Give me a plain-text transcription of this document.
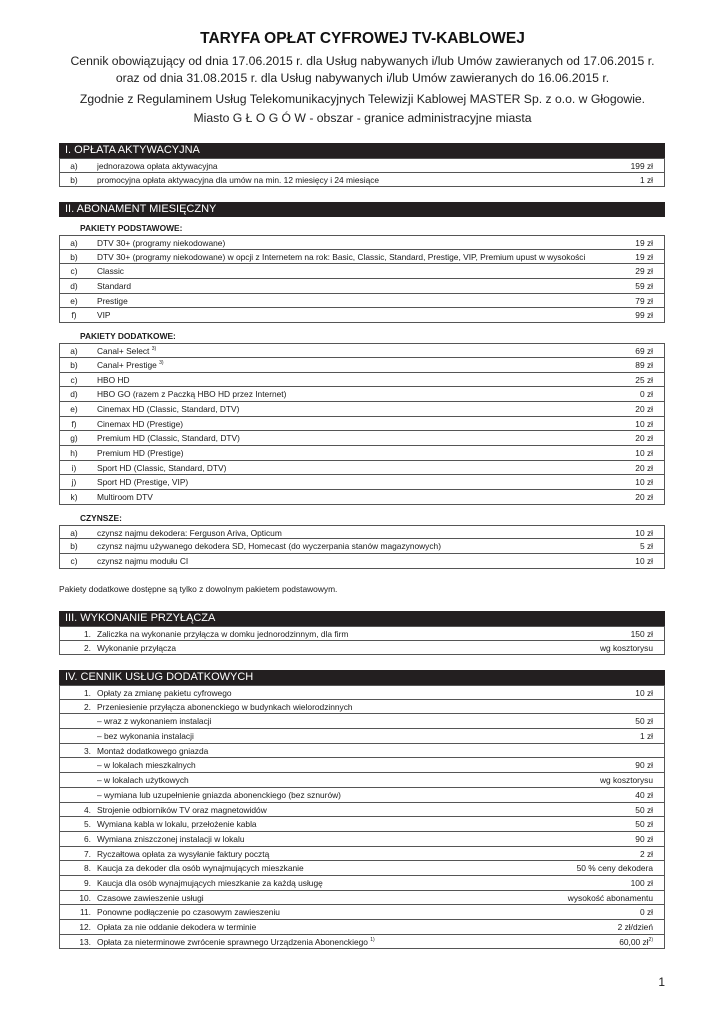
TARYFA OPŁAT CYFROWEJ TV-KABLOWEJ
Cennik obowiązujący od dnia 17.06.2015 r. dla Usług nabywanych i/lub Umów zawieranych od 17.06.2015 r.
oraz od dnia 31.08.2015 r. dla Usług nabywanych i/lub Umów zawieranych do 16.06.2015 r.
Zgodnie z Regulaminem Usług Telekomunikacyjnych Telewizji Kablowej MASTER Sp. z o.o. w Głogowie.
Miasto G Ł O G Ó W - obszar - granice administracyjne miasta
I. OPŁATA AKTYWACYJNA
a)	jednorazowa opłata aktywacyjna	199 zł
b)	promocyjna opłata aktywacyjna dla umów na min. 12 miesięcy i 24 miesiące	1 zł
II. ABONAMENT MIESIĘCZNY
PAKIETY PODSTAWOWE:
a)	DTV 30+ (programy niekodowane)	19 zł
b)	DTV 30+ (programy niekodowane) w opcji z Internetem na rok: Basic, Classic, Standard, Prestige, VIP, Premium upust w wysokości	19 zł
c)	Classic	29 zł
d)	Standard	59 zł
e)	Prestige	79 zł
f)	VIP	99 zł
PAKIETY DODATKOWE:
a)	Canal+ Select $^{3)}$	69 zł
b)	Canal+ Prestige $^{3)}$	89 zł
c)	HBO HD	25 zł
d)	HBO GO (razem z Paczką HBO HD przez Internet)	0 zł
e)	Cinemax HD (Classic, Standard, DTV)	20 zł
f)	Cinemax HD (Prestige)	10 zł
g)	Premium HD (Classic, Standard, DTV)	20 zł
h)	Premium HD (Prestige)	10 zł
i)	Sport HD (Classic, Standard, DTV)	20 zł
j)	Sport HD (Prestige, VIP)	10 zł
k)	Multiroom DTV	20 zł
CZYNSZE:
a)	czynsz najmu dekodera: Ferguson Ariva, Opticum	10 zł
b)	czynsz najmu używanego dekodera SD, Homecast (do wyczerpania stanów magazynowych)	5 zł
c)	czynsz najmu modułu CI	10 zł
Pakiety dodatkowe dostępne są tylko z dowolnym pakietem podstawowym.
III. WYKONANIE PRZYŁĄCZA
1. Zaliczka na wykonanie przyłącza w domku jednorodzinnym, dla firm	150 zł
2. Wykonanie przyłącza	wg kosztorysu
IV. CENNIK USŁUG DODATKOWYCH
1. Opłaty za zmianę pakietu cyfrowego	10 zł
2. Przeniesienie przyłącza abonenckiego w budynkach wielorodzinnych
– wraz z wykonaniem instalacji	50 zł
– bez wykonania instalacji	1 zł
3. Montaż dodatkowego gniazda
– w lokalach mieszkalnych	90 zł
– w lokalach użytkowych	wg kosztorysu
– wymiana lub uzupełnienie gniazda abonenckiego (bez sznurów)	40 zł
4. Strojenie odbiorników TV oraz magnetowidów	50 zł
5. Wymiana kabla w lokalu, przełożenie kabla	50 zł
6. Wymiana zniszczonej instalacji w lokalu	90 zł
7. Ryczałtowa opłata za wysyłanie faktury pocztą	2 zł
8. Kaucja za dekoder dla osób wynajmujących mieszkanie	50 % ceny dekodera
9. Kaucja dla osób wynajmujących mieszkanie za każdą usługę	100 zł
10. Czasowe zawieszenie usługi	wysokość abonamentu
11. Ponowne podłączenie po czasowym zawieszeniu	0 zł
12. Opłata za nie oddanie dekodera w terminie	2 zł/dzień
13. Opłata za nieterminowe zwrócenie sprawnego Urządzenia Abonenckiego $^{1)}$	60,00 $zł^{2)}$
1
